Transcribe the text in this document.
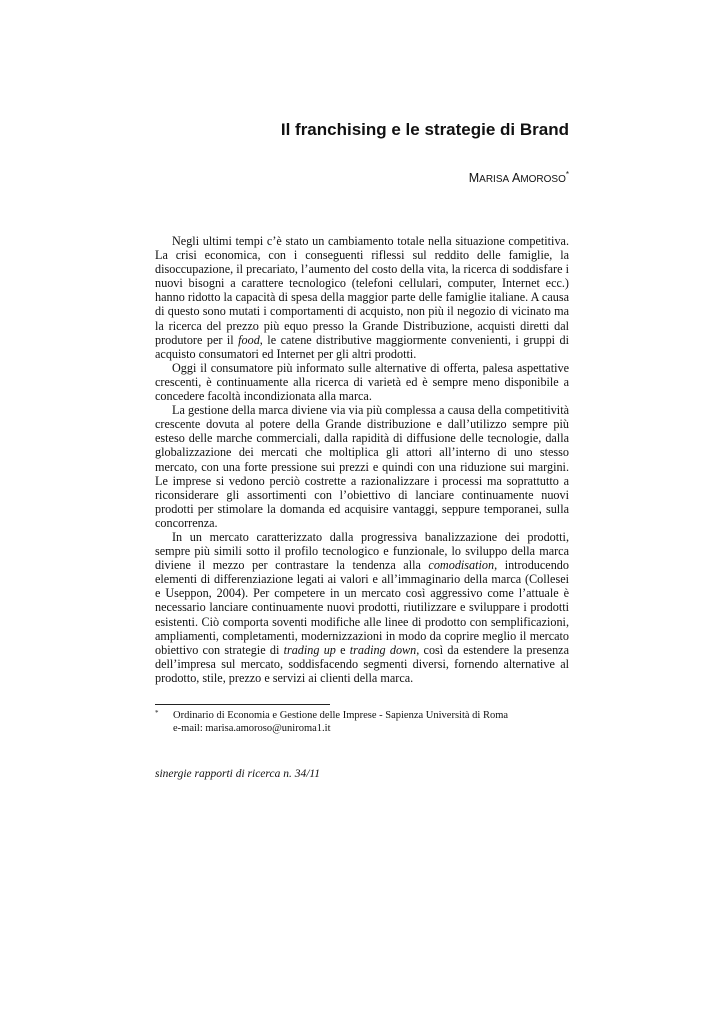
Il franchising e le strategie di Brand
MARISA AMOROSO*

Negli ultimi tempi c’è stato un cambiamento totale nella situazione competitiva. La crisi economica, con i conseguenti riflessi sul reddito delle famiglie, la disoccupazione, il precariato, l’aumento del costo della vita, la ricerca di soddisfare i nuovi bisogni a carattere tecnologico (telefoni cellulari, computer, Internet ecc.) hanno ridotto la capacità di spesa della maggior parte delle famiglie italiane. A causa di questo sono mutati i comportamenti di acquisto, non più il negozio di vicinato ma la ricerca del prezzo più equo presso la Grande Distribuzione, acquisti diretti dal produtore per il food, le catene distributive maggiormente convenienti, i gruppi di acquisto consumatori ed Internet per gli altri prodotti.

Oggi il consumatore più informato sulle alternative di offerta, palesa aspettative crescenti, è continuamente alla ricerca di varietà ed è sempre meno disponibile a concedere facoltà incondizionata alla marca.

La gestione della marca diviene via via più complessa a causa della competitività crescente dovuta al potere della Grande distribuzione e dall’utilizzo sempre più esteso delle marche commerciali, dalla rapidità di diffusione delle tecnologie, dalla globalizzazione dei mercati che moltiplica gli attori all’interno di uno stesso mercato, con una forte pressione sui prezzi e quindi con una riduzione sui margini. Le imprese si vedono perciò costrette a razionalizzare i processi ma soprattutto a riconsiderare gli assortimenti con l’obiettivo di lanciare continuamente nuovi prodotti per stimolare la domanda ed acquisire vantaggi, seppure temporanei, sulla concorrenza.

In un mercato caratterizzato dalla progressiva banalizzazione dei prodotti, sempre più simili sotto il profilo tecnologico e funzionale, lo sviluppo della marca diviene il mezzo per contrastare la tendenza alla comodisation, introducendo elementi di differenziazione legati ai valori e all’immaginario della marca (Collesei e Useppon, 2004). Per competere in un mercato così aggressivo come l’attuale è necessario lanciare continuamente nuovi prodotti, riutilizzare e sviluppare i prodotti esistenti. Ciò comporta soventi modifiche alle linee di prodotto con semplificazioni, ampliamenti, completamenti, modernizzazioni in modo da coprire meglio il mercato obiettivo con strategie di trading up e trading down, così da estendere la presenza dell’impresa sul mercato, soddisfacendo segmenti diversi, fornendo alternative al prodotto, stile, prezzo e servizi ai clienti della marca.

*	Ordinario di Economia e Gestione delle Imprese - Sapienza Università di Roma
e-mail: marisa.amoroso@uniroma1.it
sinergie rapporti di ricerca n. 34/11
